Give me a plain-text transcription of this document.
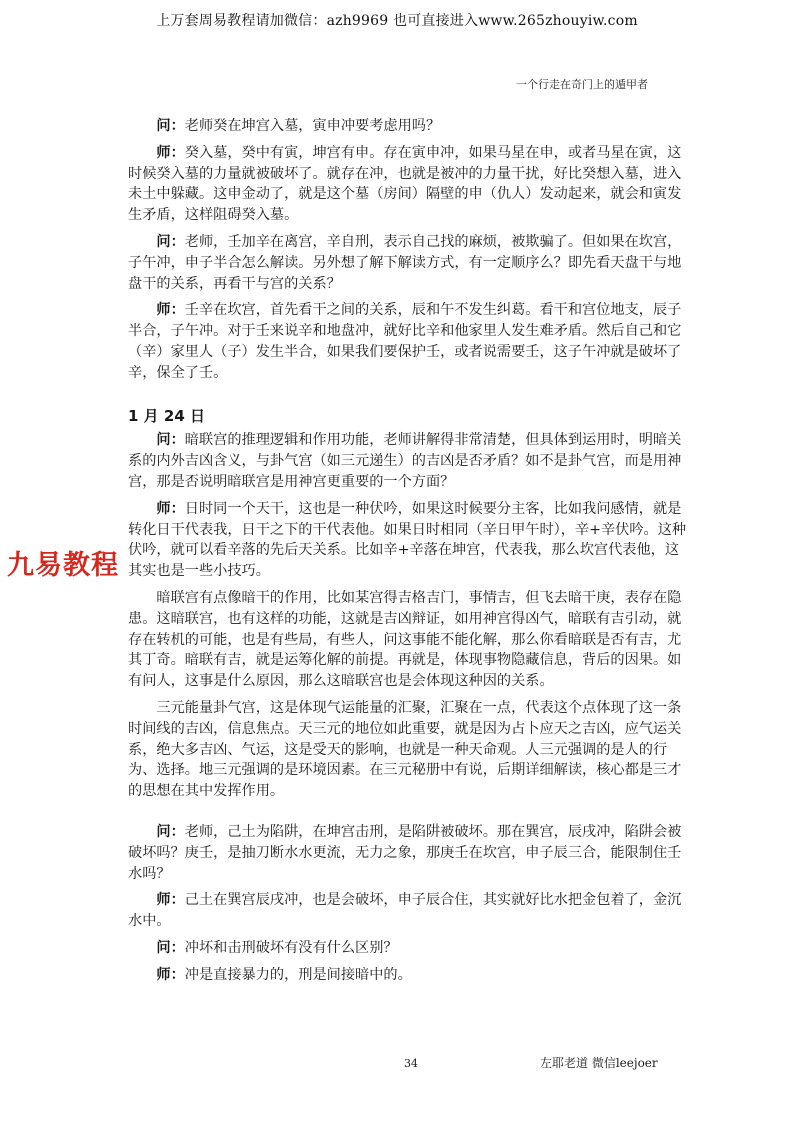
上万套周易教程请加微信：azh9969 也可直接进入www.265zhouyiw.com
一个行走在奇门上的遁甲者

问：老师癸在坤宫入墓，寅申冲要考虑用吗？

师：癸入墓，癸中有寅，坤宫有申。存在寅申冲，如果马星在申，或者马星在寅，这时候癸入墓的力量就被破坏了。就存在冲，也就是被冲的力量干扰，好比癸想入墓，进入未土中躲藏。这申金动了，就是这个墓（房间）隔壁的申（仇人）发动起来，就会和寅发生矛盾，这样阻碍癸入墓。

问：老师，壬加辛在离宫，辛自刑，表示自己找的麻烦，被欺骗了。但如果在坎宫，子午冲，申子半合怎么解读。另外想了解下解读方式，有一定顺序么？即先看天盘干与地盘干的关系，再看干与宫的关系？

师：壬辛在坎宫，首先看干之间的关系，辰和午不发生纠葛。看干和宫位地支，辰子半合，子午冲。对于壬来说辛和地盘冲，就好比辛和他家里人发生难矛盾。然后自己和它（辛）家里人（子）发生半合，如果我们要保护壬，或者说需要壬，这子午冲就是破坏了辛，保全了壬。

1 月 24 日

问：暗联宫的推理逻辑和作用功能，老师讲解得非常清楚，但具体到运用时，明暗关系的内外吉凶含义，与卦气宫（如三元递生）的吉凶是否矛盾？如不是卦气宫，而是用神宫，那是否说明暗联宫是用神宫更重要的一个方面？

师：日时同一个天干，这也是一种伏吟，如果这时候要分主客，比如我问感情，就是转化日干代表我，日干之下的干代表他。如果日时相同（辛日甲午时），辛+辛伏吟。这种伏吟，就可以看辛落的先后天关系。比如辛+辛落在坤宫，代表我，那么坎宫代表他，这其实也是一些小技巧。

暗联宫有点像暗干的作用，比如某宫得吉格吉门，事情吉，但飞去暗干庚，表存在隐患。这暗联宫，也有这样的功能，这就是吉凶辩证，如用神宫得凶气，暗联有吉引动，就存在转机的可能，也是有些局，有些人，问这事能不能化解，那么你看暗联是否有吉，尤其丁奇。暗联有吉，就是运筹化解的前提。再就是，体现事物隐藏信息，背后的因果。如有问人，这事是什么原因，那么这暗联宫也是会体现这种因的关系。

三元能量卦气宫，这是体现气运能量的汇聚，汇聚在一点，代表这个点体现了这一条时间线的吉凶，信息焦点。天三元的地位如此重要，就是因为占卜应天之吉凶，应气运关系，绝大多吉凶、气运，这是受天的影响，也就是一种天命观。人三元强调的是人的行为、选择。地三元强调的是环境因素。在三元秘册中有说，后期详细解读，核心都是三才的思想在其中发挥作用。

问：老师，己土为陷阱，在坤宫击刑，是陷阱被破坏。那在巽宫，辰戌冲，陷阱会被破坏吗？庚壬，是抽刀断水水更流，无力之象，那庚壬在坎宫，申子辰三合，能限制住壬水吗？

师：己土在巽宫辰戌冲，也是会破坏，申子辰合住，其实就好比水把金包着了，金沉水中。

问：冲坏和击刑破坏有没有什么区别？

师：冲是直接暴力的，刑是间接暗中的。

九易教程
34	左耶老道 微信leejoer
